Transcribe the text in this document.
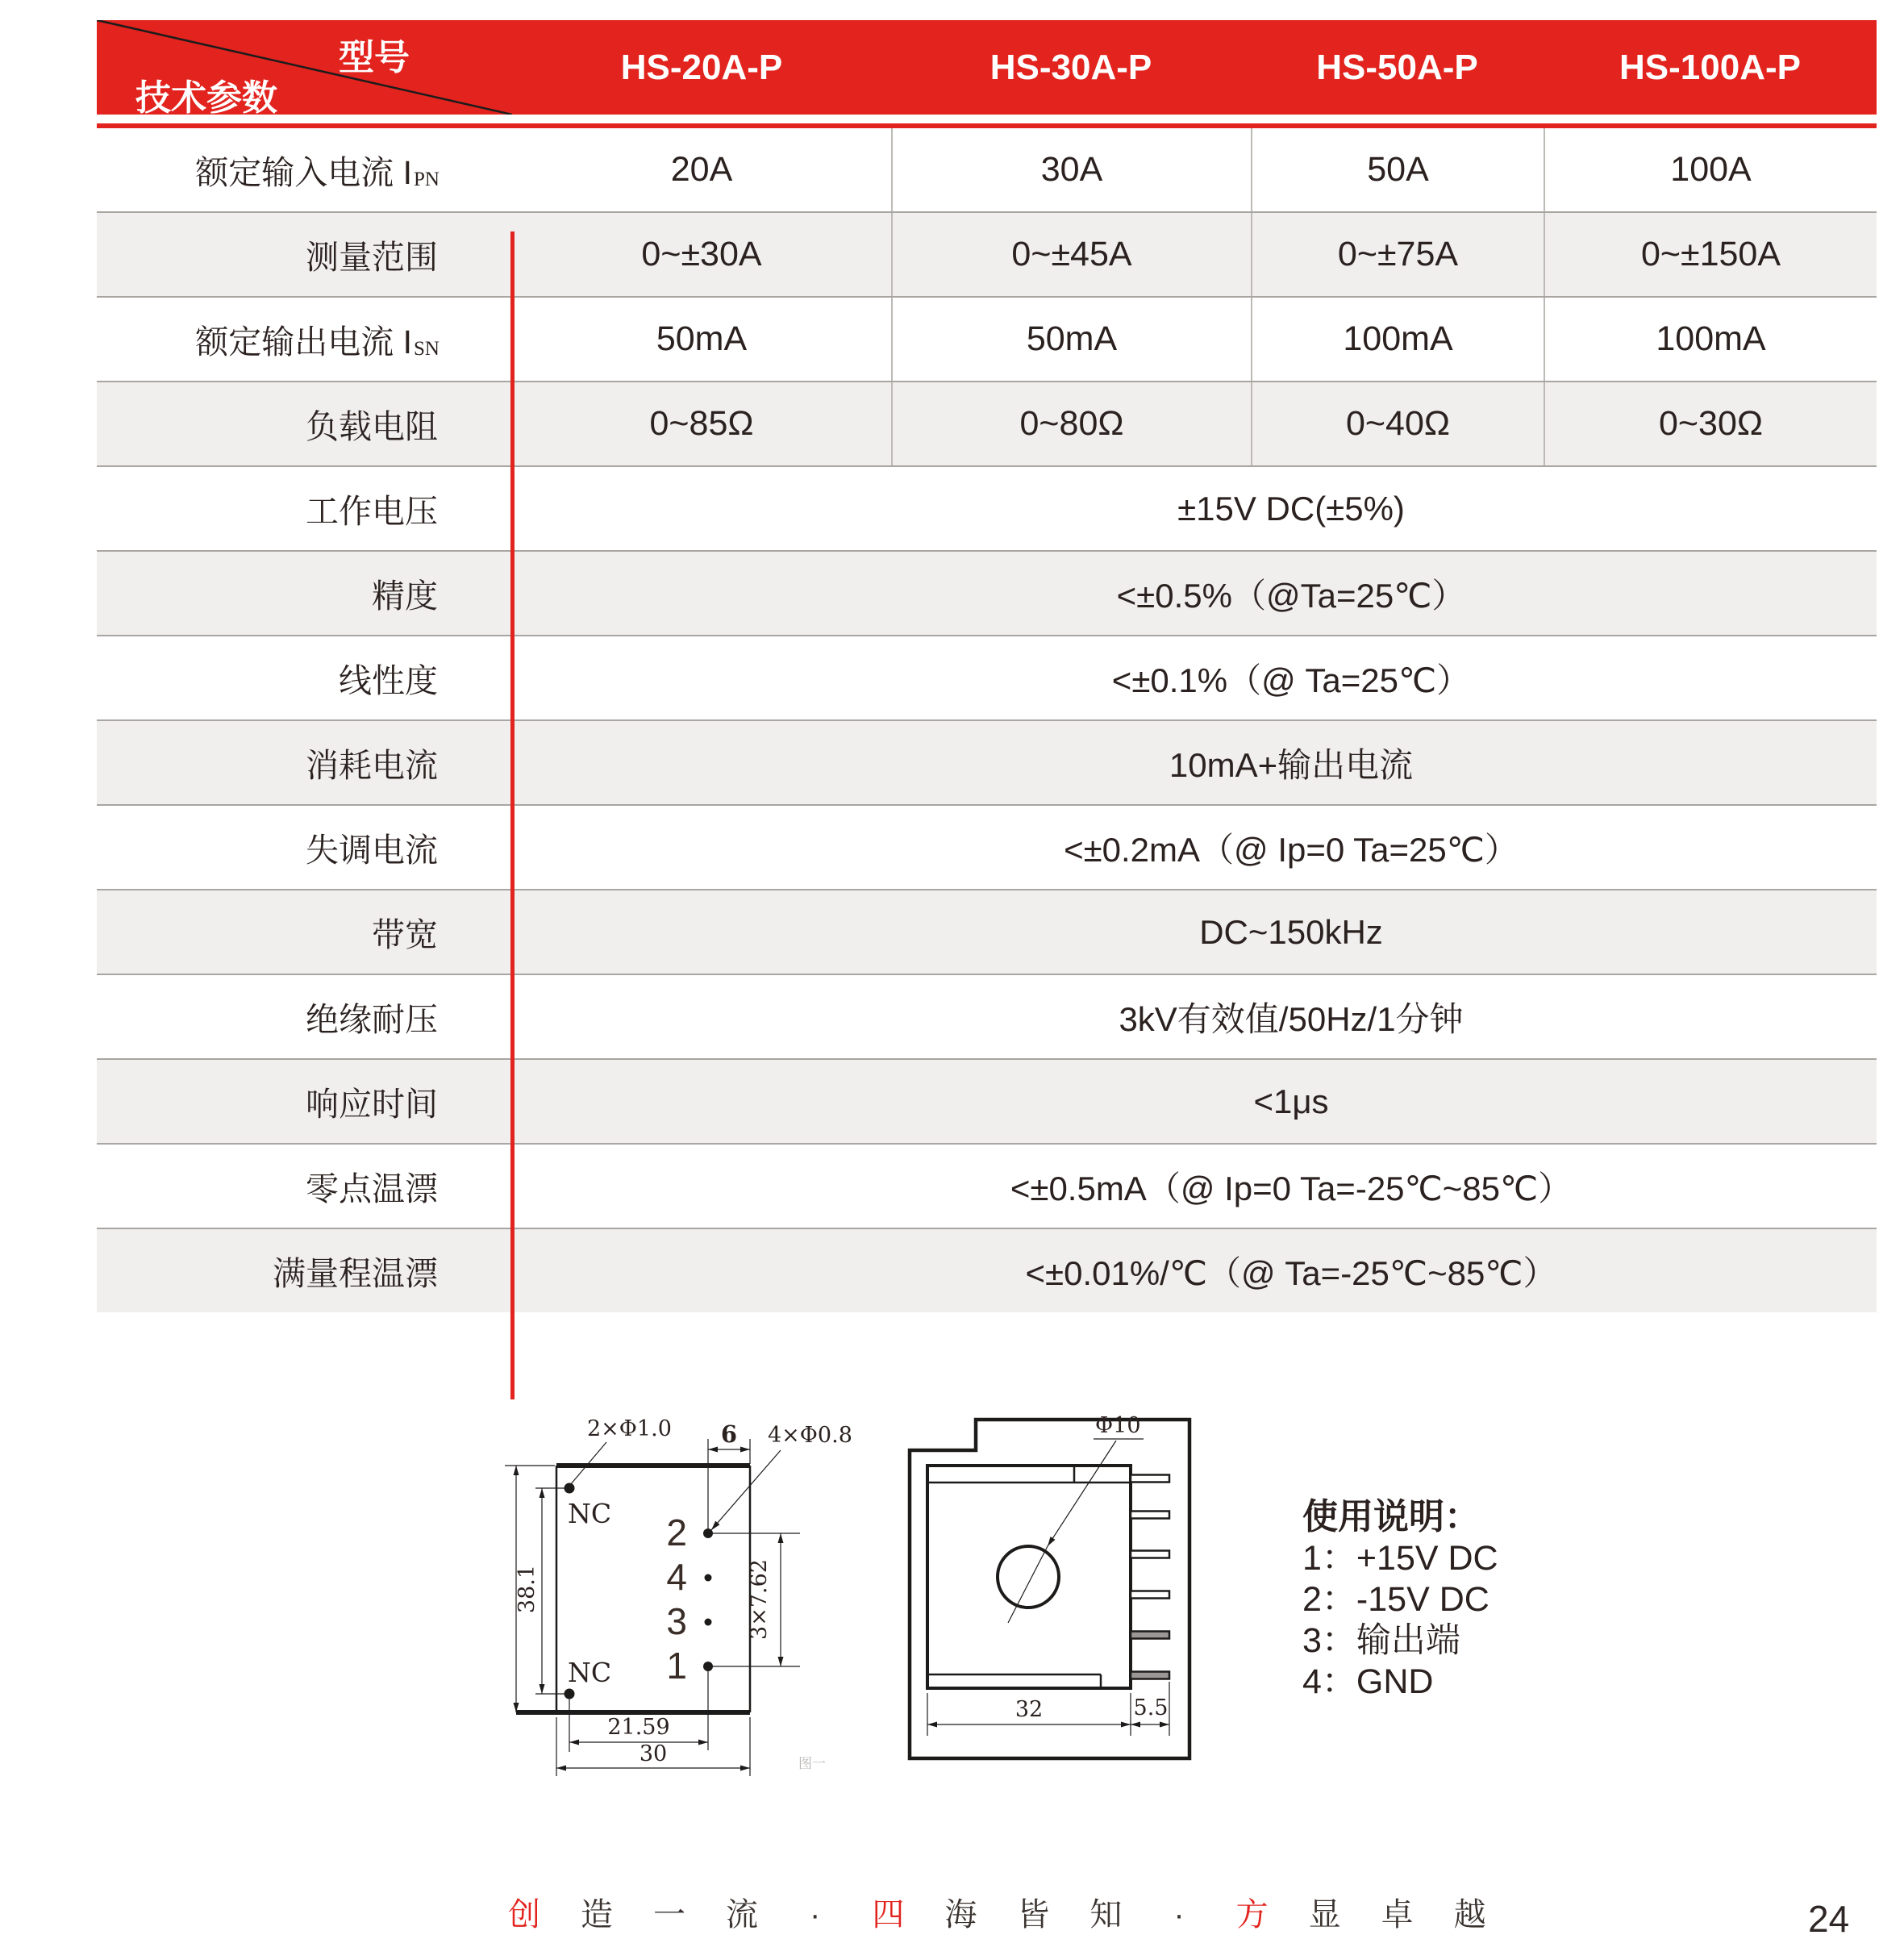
型号
技术参数
HS-20A-P	HS-30A-P	HS-50A-P	HS-100A-P
额定输入电流 $I_{PN}$	20A	30A	50A	100A
测量范围	0~±30A	0~±45A	0~±75A	0~±150A
额定输出电流 $I_{SN}$	50mA	50mA	100mA	100mA
负载电阻	0~85Ω	0~80Ω	0~40Ω	0~30Ω
工作电压	±15V DC(±5%)
精度	<±0.5%（@Ta=25℃）
线性度	<±0.1%（@ Ta=25℃）
消耗电流	10mA+输出电流
失调电流	<±0.2mA（@ Ip=0 Ta=25℃）
带宽	DC~150kHz
绝缘耐压	3kV有效值/50Hz/1分钟
响应时间	<1μs
零点温漂	<±0.5mA（@ Ip=0 Ta=-25℃~85℃）
满量程温漂	<±0.01%/℃（@ Ta=-25℃~85℃）
38.1
NC
NC
2
4
3
1
3×7.62
6
2×Φ1.0	4×Φ0.8
21.59
30	图一
Φ10
32	5.5
使用说明：
1：+15V DC
2：-15V DC
3：输出端
4：GND
创造一流 · 四海皆知 · 方显卓越	24
